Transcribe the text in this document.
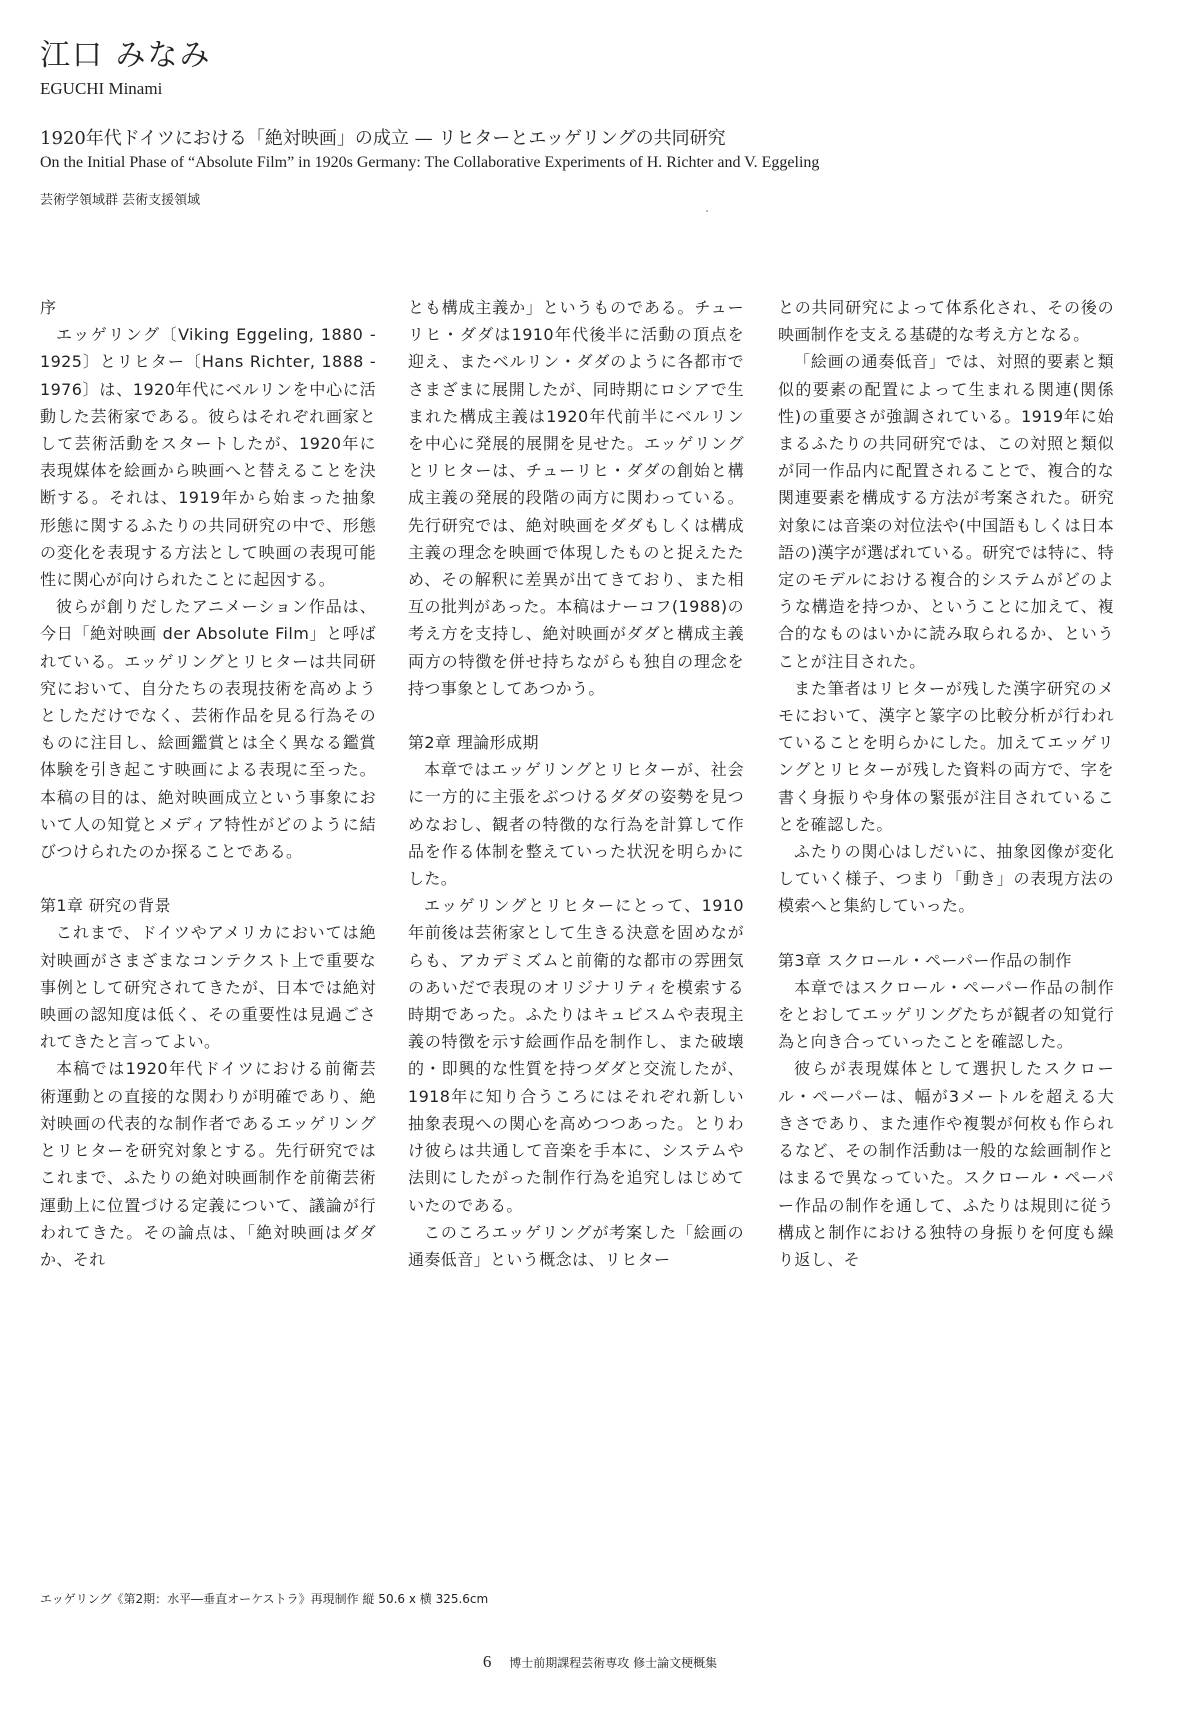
江口 みなみ
EGUCHI Minami
1920年代ドイツにおける「絶対映画」の成立 — リヒターとエッゲリングの共同研究
On the Initial Phase of “Absolute Film” in 1920s Germany: The Collaborative Experiments of H. Richter and V. Eggeling
芸術学領域群 芸術支援領域
序

エッゲリング〔Viking Eggeling, 1880 - 1925〕とリヒター〔Hans Richter, 1888 - 1976〕は、1920年代にベルリンを中心に活動した芸術家である。彼らはそれぞれ画家として芸術活動をスタートしたが、1920年に表現媒体を絵画から映画へと替えることを決断する。それは、1919年から始まった抽象形態に関するふたりの共同研究の中で、形態の変化を表現する方法として映画の表現可能性に関心が向けられたことに起因する。

彼らが創りだしたアニメーション作品は、今日「絶対映画 der Absolute Film」と呼ばれている。エッゲリングとリヒターは共同研究において、自分たちの表現技術を高めようとしただけでなく、芸術作品を見る行為そのものに注目し、絵画鑑賞とは全く異なる鑑賞体験を引き起こす映画による表現に至った。本稿の目的は、絶対映画成立という事象において人の知覚とメディア特性がどのように結びつけられたのか探ることである。

第1章 研究の背景

これまで、ドイツやアメリカにおいては絶対映画がさまざまなコンテクスト上で重要な事例として研究されてきたが、日本では絶対映画の認知度は低く、その重要性は見過ごされてきたと言ってよい。

本稿では1920年代ドイツにおける前衛芸術運動との直接的な関わりが明確であり、絶対映画の代表的な制作者であるエッゲリングとリヒターを研究対象とする。先行研究ではこれまで、ふたりの絶対映画制作を前衛芸術運動上に位置づける定義について、議論が行われてきた。その論点は、「絶対映画はダダか、それ

とも構成主義か」というものである。チューリヒ・ダダは1910年代後半に活動の頂点を迎え、またベルリン・ダダのように各都市でさまざまに展開したが、同時期にロシアで生まれた構成主義は1920年代前半にベルリンを中心に発展的展開を見せた。エッゲリングとリヒターは、チューリヒ・ダダの創始と構成主義の発展的段階の両方に関わっている。先行研究では、絶対映画をダダもしくは構成主義の理念を映画で体現したものと捉えたため、その解釈に差異が出てきており、また相互の批判があった。本稿はナーコフ(1988)の考え方を支持し、絶対映画がダダと構成主義両方の特徴を併せ持ちながらも独自の理念を持つ事象としてあつかう。

第2章 理論形成期

本章ではエッゲリングとリヒターが、社会に一方的に主張をぶつけるダダの姿勢を見つめなおし、観者の特徴的な行為を計算して作品を作る体制を整えていった状況を明らかにした。

エッゲリングとリヒターにとって、1910年前後は芸術家として生きる決意を固めながらも、アカデミズムと前衛的な都市の雰囲気のあいだで表現のオリジナリティを模索する時期であった。ふたりはキュビスムや表現主義の特徴を示す絵画作品を制作し、また破壊的・即興的な性質を持つダダと交流したが、1918年に知り合うころにはそれぞれ新しい抽象表現への関心を高めつつあった。とりわけ彼らは共通して音楽を手本に、システムや法則にしたがった制作行為を追究しはじめていたのである。

このころエッゲリングが考案した「絵画の通奏低音」という概念は、リヒター

との共同研究によって体系化され、その後の映画制作を支える基礎的な考え方となる。

「絵画の通奏低音」では、対照的要素と類似的要素の配置によって生まれる関連(関係性)の重要さが強調されている。1919年に始まるふたりの共同研究では、この対照と類似が同一作品内に配置されることで、複合的な関連要素を構成する方法が考案された。研究対象には音楽の対位法や(中国語もしくは日本語の)漢字が選ばれている。研究では特に、特定のモデルにおける複合的システムがどのような構造を持つか、ということに加えて、複合的なものはいかに読み取られるか、ということが注目された。

また筆者はリヒターが残した漢字研究のメモにおいて、漢字と篆字の比較分析が行われていることを明らかにした。加えてエッゲリングとリヒターが残した資料の両方で、字を書く身振りや身体の緊張が注目されていることを確認した。

ふたりの関心はしだいに、抽象図像が変化していく様子、つまり「動き」の表現方法の模索へと集約していった。

第3章 スクロール・ペーパー作品の制作

本章ではスクロール・ペーパー作品の制作をとおしてエッゲリングたちが観者の知覚行為と向き合っていったことを確認した。

彼らが表現媒体として選択したスクロール・ペーパーは、幅が3メートルを超える大きさであり、また連作や複製が何枚も作られるなど、その制作活動は一般的な絵画制作とはまるで異なっていた。スクロール・ペーパー作品の制作を通して、ふたりは規則に従う構成と制作における独特の身振りを何度も繰り返し、そ

エッゲリング《第2期：水平―垂直オーケストラ》再現制作 縦 50.6 x 横 325.6cm
6 博士前期課程芸術専攻 修士論文梗概集
